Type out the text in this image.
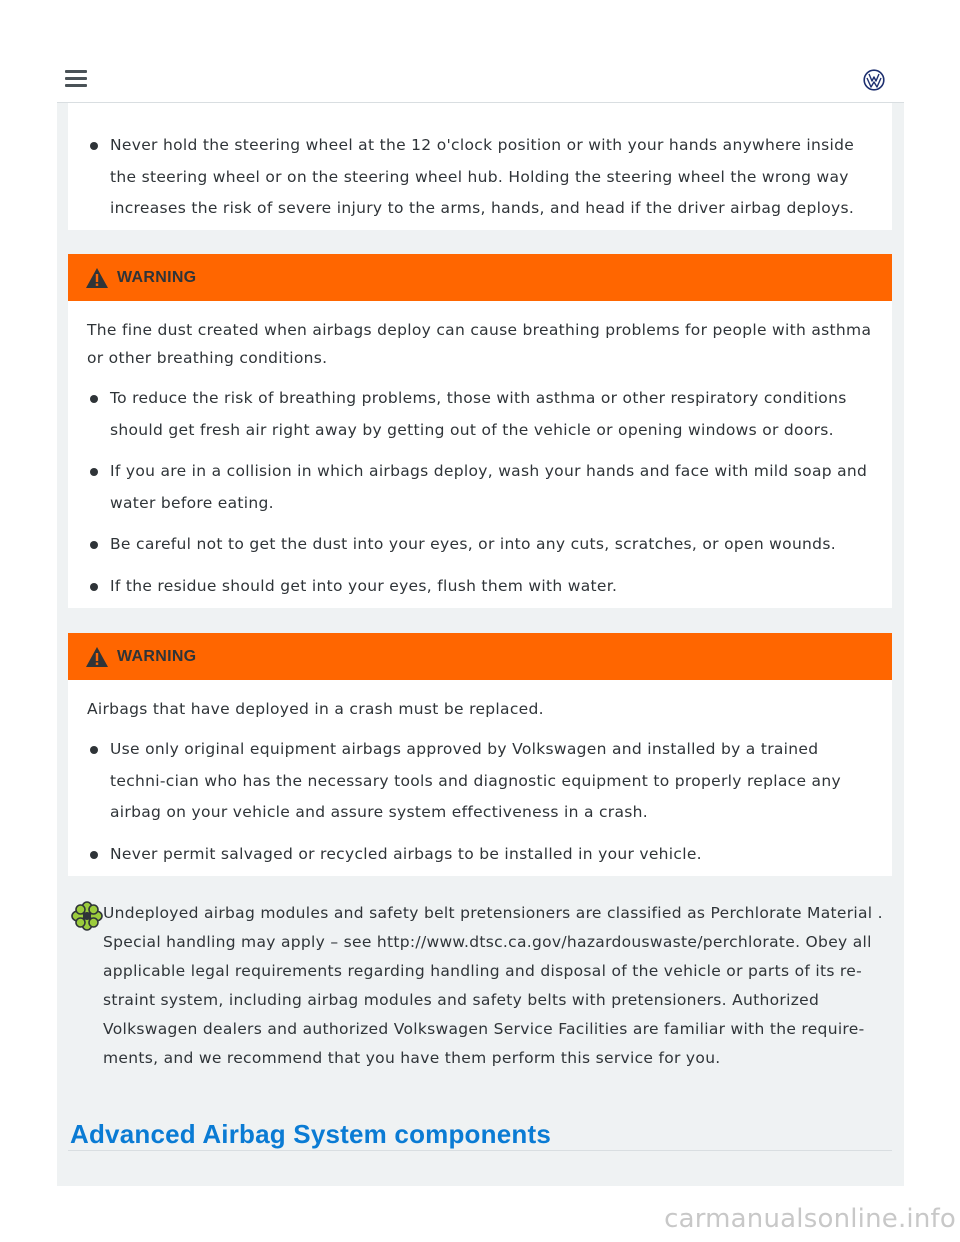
Never hold the steering wheel at the 12 o'clock position or with your hands anywhere inside the steering wheel or on the steering wheel hub. Holding the steering wheel the wrong way increases the risk of severe injury to the arms, hands, and head if the driver airbag deploys.
WARNING

The fine dust created when airbags deploy can cause breathing problems for people with asthma or other breathing conditions.

To reduce the risk of breathing problems, those with asthma or other respiratory conditions should get fresh air right away by getting out of the vehicle or opening windows or doors.
If you are in a collision in which airbags deploy, wash your hands and face with mild soap and water before eating.
Be careful not to get the dust into your eyes, or into any cuts, scratches, or open wounds.
If the residue should get into your eyes, flush them with water.
WARNING

Airbags that have deployed in a crash must be replaced.

Use only original equipment airbags approved by Volkswagen and installed by a trained techni-cian who has the necessary tools and diagnostic equipment to properly replace any airbag on your vehicle and assure system effectiveness in a crash.
Never permit salvaged or recycled airbags to be installed in your vehicle.

Undeployed airbag modules and safety belt pretensioners are classified as Perchlorate Material . Special handling may apply – see http://www.dtsc.ca.gov/hazardouswaste/perchlorate. Obey all applicable legal requirements regarding handling and disposal of the vehicle or parts of its re-straint system, including airbag modules and safety belts with pretensioners. Authorized Volkswagen dealers and authorized Volkswagen Service Facilities are familiar with the require-ments, and we recommend that you have them perform this service for you.

Advanced Airbag System components
carmanualsonline.info
